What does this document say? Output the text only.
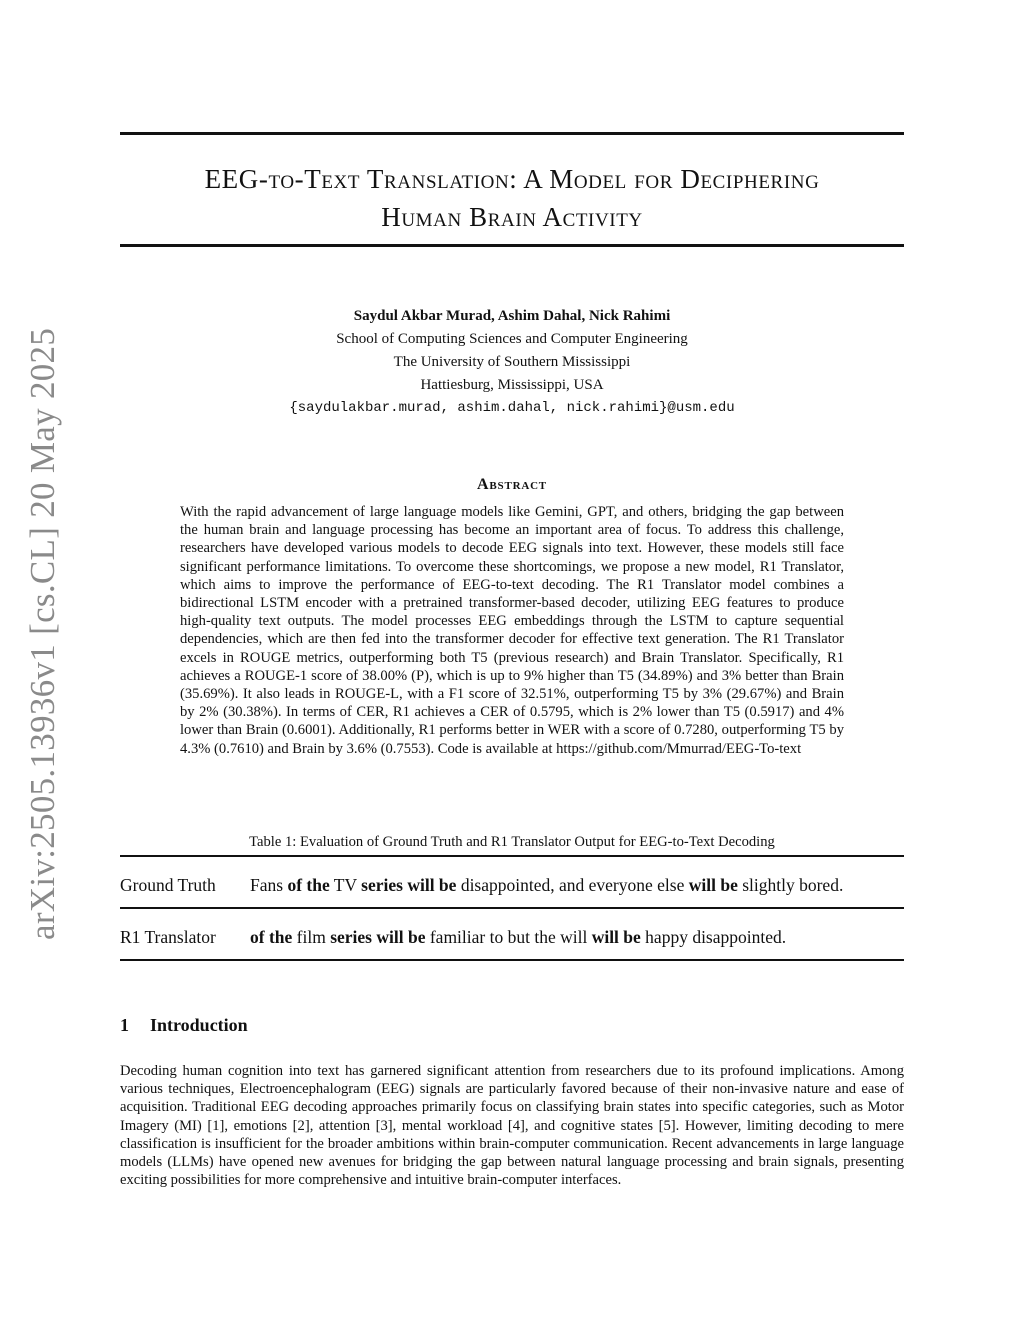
arXiv:2505.13936v1 [cs.CL] 20 May 2025
EEG-to-Text Translation: A Model for Deciphering
Human Brain Activity
Saydul Akbar Murad, Ashim Dahal, Nick Rahimi
School of Computing Sciences and Computer Engineering
The University of Southern Mississippi
Hattiesburg, Mississippi, USA
{saydulakbar.murad, ashim.dahal, nick.rahimi}@usm.edu
Abstract
With the rapid advancement of large language models like Gemini, GPT, and others, bridging the gap between the human brain and language processing has become an important area of focus. To address this challenge, researchers have developed various models to decode EEG signals into text. However, these models still face significant performance limitations. To overcome these shortcomings, we propose a new model, R1 Translator, which aims to improve the performance of EEG-to-text decoding. The R1 Translator model combines a bidirectional LSTM encoder with a pretrained transformer-based decoder, utilizing EEG features to produce high-quality text outputs. The model processes EEG embeddings through the LSTM to capture sequential dependencies, which are then fed into the transformer decoder for effective text generation. The R1 Translator excels in ROUGE metrics, outperforming both T5 (previous research) and Brain Translator. Specifically, R1 achieves a ROUGE-1 score of 38.00% (P), which is up to 9% higher than T5 (34.89%) and 3% better than Brain (35.69%). It also leads in ROUGE-L, with a F1 score of 32.51%, outperforming T5 by 3% (29.67%) and Brain by 2% (30.38%). In terms of CER, R1 achieves a CER of 0.5795, which is 2% lower than T5 (0.5917) and 4% lower than Brain (0.6001). Additionally, R1 performs better in WER with a score of 0.7280, outperforming T5 by 4.3% (0.7610) and Brain by 3.6% (0.7553). Code is available at https://github.com/Mmurrad/EEG-To-text
Table 1: Evaluation of Ground Truth and R1 Translator Output for EEG-to-Text Decoding
Ground Truth Fans of the TV series will be disappointed, and everyone else will be slightly bored.
R1 Translator of the film series will be familiar to but the will will be happy disappointed.
1 Introduction
Decoding human cognition into text has garnered significant attention from researchers due to its profound implications. Among various techniques, Electroencephalogram (EEG) signals are particularly favored because of their non-invasive nature and ease of acquisition. Traditional EEG decoding approaches primarily focus on classifying brain states into specific categories, such as Motor Imagery (MI) [1], emotions [2], attention [3], mental workload [4], and cognitive states [5]. However, limiting decoding to mere classification is insufficient for the broader ambitions within brain-computer communication. Recent advancements in large language models (LLMs) have opened new avenues for bridging the gap between natural language processing and brain signals, presenting exciting possibilities for more comprehensive and intuitive brain-computer interfaces.
